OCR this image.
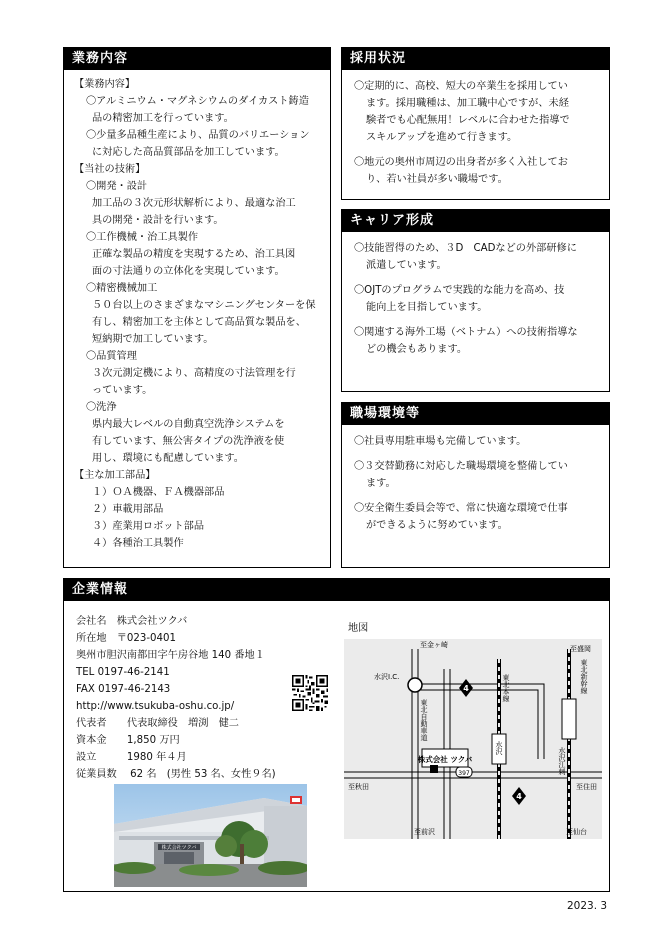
業務内容
【業務内容】
〇アルミニウム・マグネシウムのダイカスト鋳造
品の精密加工を行っています。
〇少量多品種生産により、品質のバリエーション
に対応した高品質部品を加工しています。
【当社の技術】
〇開発・設計
加工品の３次元形状解析により、最適な治工
具の開発・設計を行います。
〇工作機械・治工具製作
正確な製品の精度を実現するため、治工具図
面の寸法通りの立体化を実現しています。
〇精密機械加工
５０台以上のさまざまなマシニングセンターを保
有し、精密加工を主体として高品質な製品を、
短納期で加工しています。
〇品質管理
３次元測定機により、高精度の寸法管理を行
っています。
〇洗浄
県内最大レベルの自動真空洗浄システムを
有しています、無公害タイプの洗浄液を使
用し、環境にも配慮しています。
【主な加工部品】
１）ＯＡ機器、ＦＡ機器部品
２）車載用部品
３）産業用ロボット部品
４）各種治工具製作
採用状況
〇定期的に、高校、短大の卒業生を採用してい
ます。採用職種は、加工職中心ですが、未経
験者でも心配無用！レベルに合わせた指導で
スキルアップを進めて行きます。
〇地元の奥州市周辺の出身者が多く入社してお
り、若い社員が多い職場です。
キャリア形成
〇技能習得のため、３D　CADなどの外部研修に
派遣しています。
〇OJTのプログラムで実践的な能力を高め、技
能向上を目指しています。
〇関連する海外工場（ベトナム）への技術指導な
どの機会もあります。
職場環境等
〇社員専用駐車場も完備しています。
〇３交替勤務に対応した職場環境を整備してい
ます。
〇安全衛生委員会等で、常に快適な環境で仕事
ができるように努めています。
企業情報
会社名　株式会社ツクバ
所在地　〒023-0401
奥州市胆沢南都田字午房谷地 140 番地１
TEL 0197-46-2141
FAX 0197-46-2143
http://www.tsukuba-oshu.co.jp/
代表者　　代表取締役　増渕　健二
資本金　　1,850 万円
設立　　　1980 年４月
従業員数　 62 名　(男性 53 名、女性９名)
株式会社ツクバ
地図
株式会社 ツクバ
4
4
397
至金ヶ崎	至盛岡
水沢I.C.
水沢江刺
東北新幹線
東北自動車道
東北本線
水沢
至秋田
至前沢
至住田
至仙台
2023. 3
